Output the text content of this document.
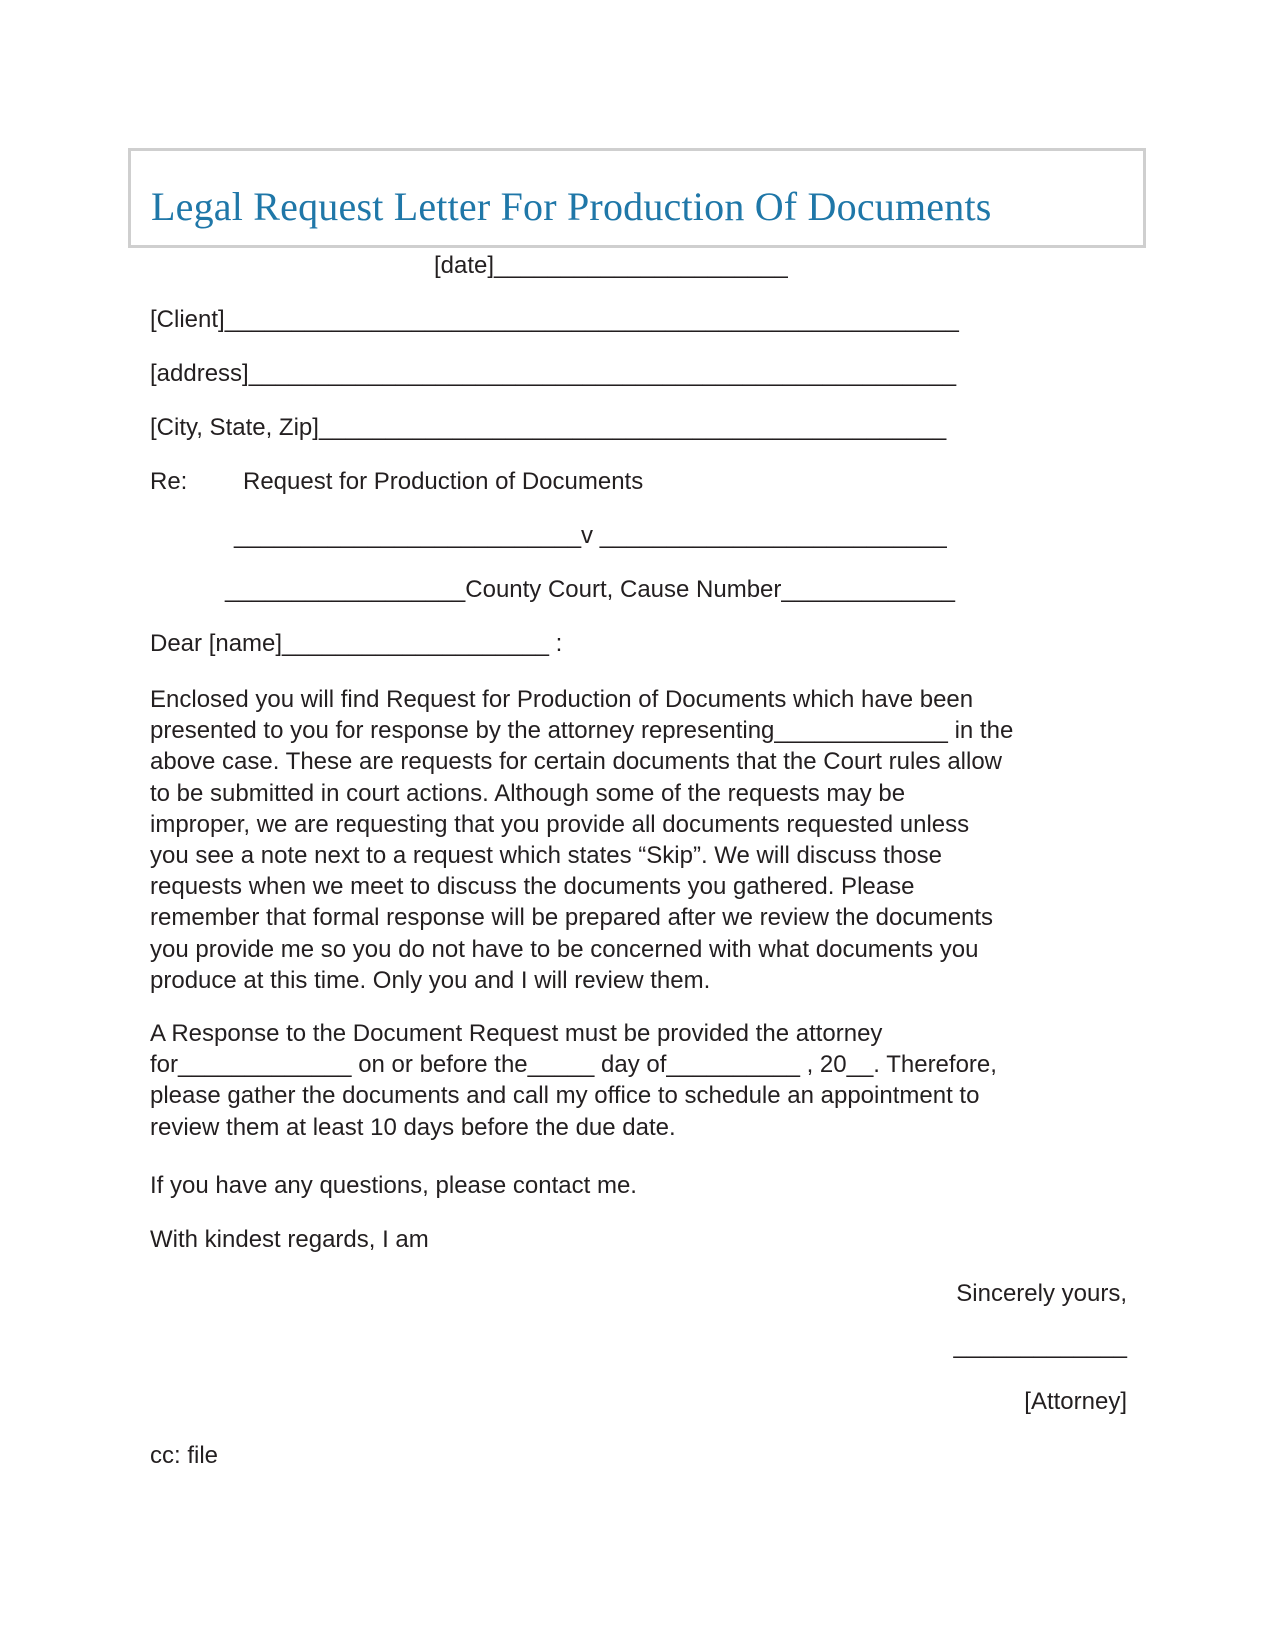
Legal Request Letter For Production Of Documents

[date]______________________

[Client]_______________________________________________________

[address]_____________________________________________________

[City, State, Zip]_______________________________________________

Re: Request for Production of Documents

__________________________v __________________________

__________________County Court, Cause Number_____________

Dear [name]____________________ :

Enclosed you will find Request for Production of Documents which have been
presented to you for response by the attorney representing_____________ in the
above case. These are requests for certain documents that the Court rules allow
to be submitted in court actions. Although some of the requests may be
improper, we are requesting that you provide all documents requested unless
you see a note next to a request which states “Skip”. We will discuss those
requests when we meet to discuss the documents you gathered. Please
remember that formal response will be prepared after we review the documents
you provide me so you do not have to be concerned with what documents you
produce at this time. Only you and I will review them.

A Response to the Document Request must be provided the attorney
for_____________ on or before the_____ day of__________ , 20__. Therefore,
please gather the documents and call my office to schedule an appointment to
review them at least 10 days before the due date.

If you have any questions, please contact me.

With kindest regards, I am

Sincerely yours,

_____________

[Attorney]

cc: file
